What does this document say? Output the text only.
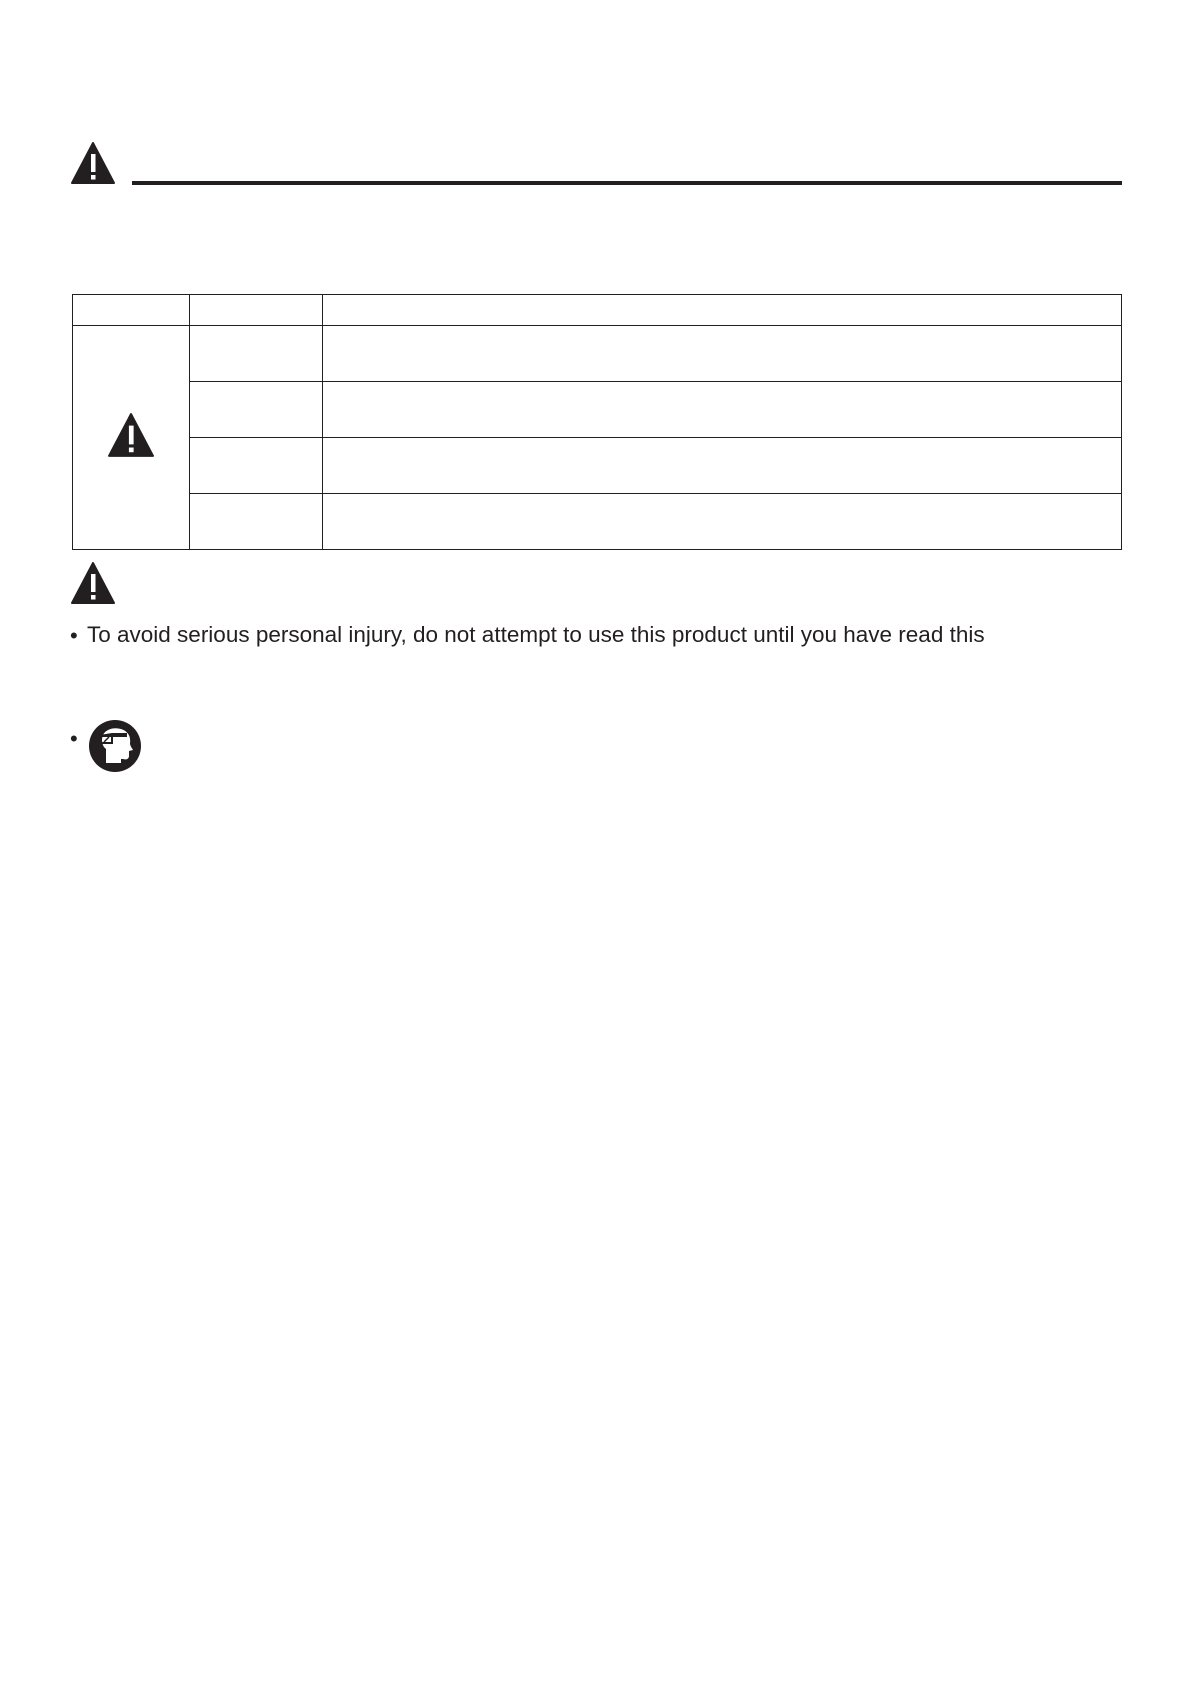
• To avoid serious personal injury, do not attempt to use this product until you have read this
•
